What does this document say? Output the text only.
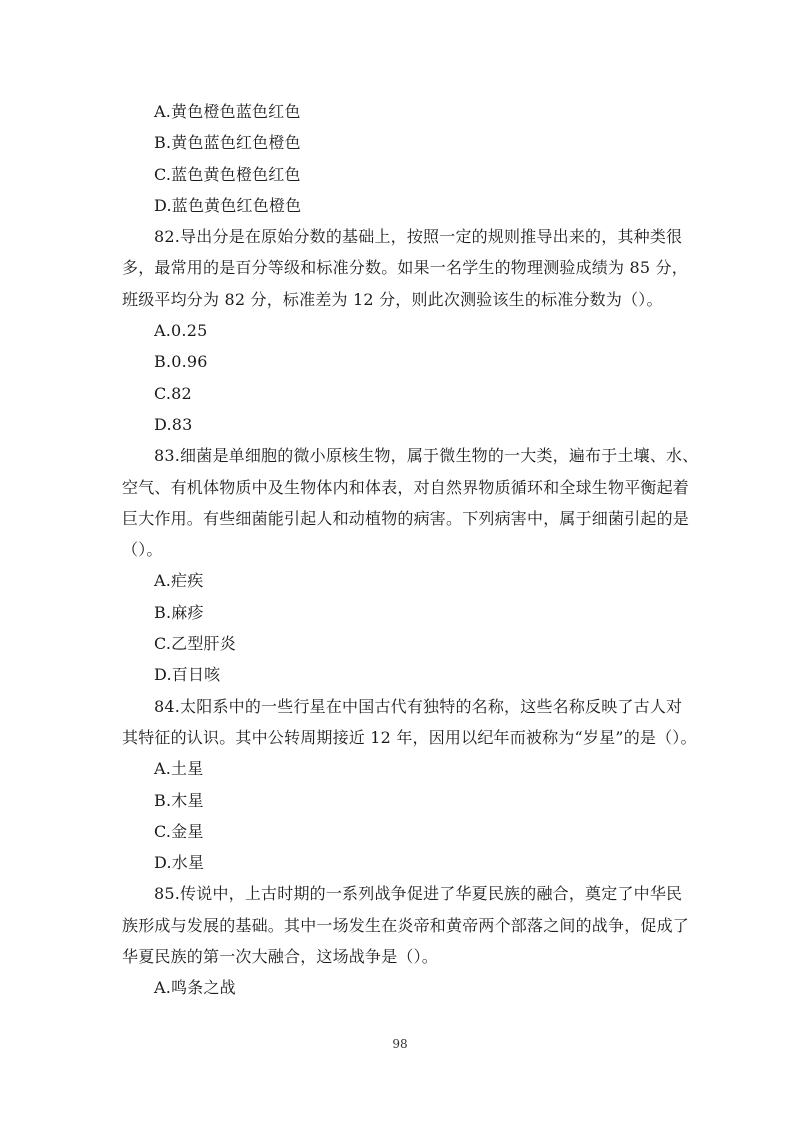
A.黄色橙色蓝色红色
B.黄色蓝色红色橙色
C.蓝色黄色橙色红色
D.蓝色黄色红色橙色
82.导出分是在原始分数的基础上，按照一定的规则推导出来的，其种类很
多，最常用的是百分等级和标准分数。如果一名学生的物理测验成绩为 85 分，
班级平均分为 82 分，标准差为 12 分，则此次测验该生的标准分数为（）。
A.0.25
B.0.96
C.82
D.83
83.细菌是单细胞的微小原核生物，属于微生物的一大类，遍布于土壤、水、
空气、有机体物质中及生物体内和体表，对自然界物质循环和全球生物平衡起着
巨大作用。有些细菌能引起人和动植物的病害。下列病害中，属于细菌引起的是
（）。
A.疟疾
B.麻疹
C.乙型肝炎
D.百日咳
84.太阳系中的一些行星在中国古代有独特的名称，这些名称反映了古人对
其特征的认识。其中公转周期接近 12 年，因用以纪年而被称为“岁星”的是（）。
A.土星
B.木星
C.金星
D.水星
85.传说中，上古时期的一系列战争促进了华夏民族的融合，奠定了中华民
族形成与发展的基础。其中一场发生在炎帝和黄帝两个部落之间的战争，促成了
华夏民族的第一次大融合，这场战争是（）。
A.鸣条之战
98
